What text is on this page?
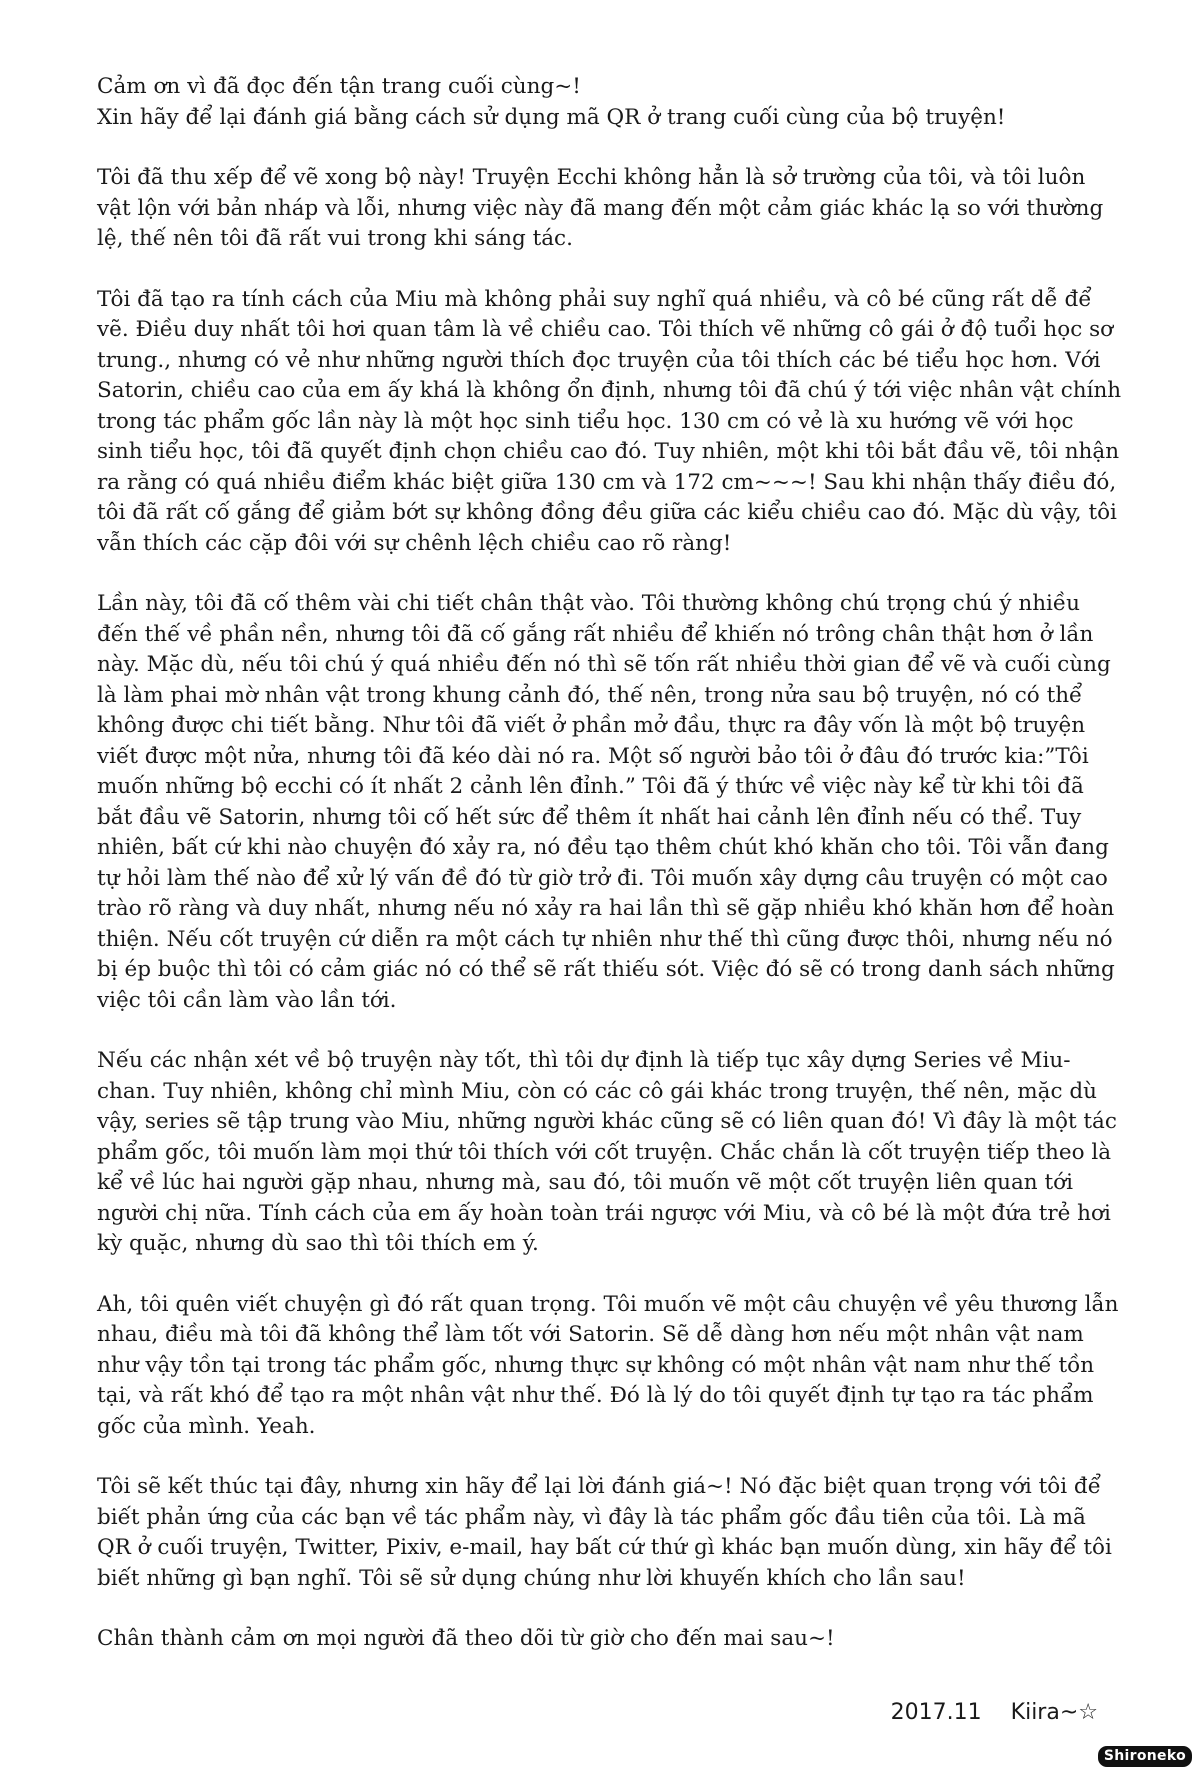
Cảm ơn vì đã đọc đến tận trang cuối cùng~!
Xin hãy để lại đánh giá bằng cách sử dụng mã QR ở trang cuối cùng của bộ truyện!

Tôi đã thu xếp để vẽ xong bộ này! Truyện Ecchi không hẳn là sở trường của tôi, và tôi luôn vật lộn với bản nháp và lỗi, nhưng việc này đã mang đến một cảm giác khác lạ so với thường lệ, thế nên tôi đã rất vui trong khi sáng tác.

Tôi đã tạo ra tính cách của Miu mà không phải suy nghĩ quá nhiều, và cô bé cũng rất dễ để vẽ. Điều duy nhất tôi hơi quan tâm là về chiều cao. Tôi thích vẽ những cô gái ở độ tuổi học sơ trung., nhưng có vẻ như những người thích đọc truyện của tôi thích các bé tiểu học hơn. Với Satorin, chiều cao của em ấy khá là không ổn định, nhưng tôi đã chú ý tới việc nhân vật chính trong tác phẩm gốc lần này là một học sinh tiểu học. 130 cm có vẻ là xu hướng vẽ với học sinh tiểu học, tôi đã quyết định chọn chiều cao đó. Tuy nhiên, một khi tôi bắt đầu vẽ, tôi nhận ra rằng có quá nhiều điểm khác biệt giữa 130 cm và 172 cm~~~! Sau khi nhận thấy điều đó, tôi đã rất cố gắng để giảm bớt sự không đồng đều giữa các kiểu chiều cao đó. Mặc dù vậy, tôi vẫn thích các cặp đôi với sự chênh lệch chiều cao rõ ràng!

Lần này, tôi đã cố thêm vài chi tiết chân thật vào. Tôi thường không chú trọng chú ý nhiều đến thế về phần nền, nhưng tôi đã cố gắng rất nhiều để khiến nó trông chân thật hơn ở lần này. Mặc dù, nếu tôi chú ý quá nhiều đến nó thì sẽ tốn rất nhiều thời gian để vẽ và cuối cùng là làm phai mờ nhân vật trong khung cảnh đó, thế nên, trong nửa sau bộ truyện, nó có thể không được chi tiết bằng. Như tôi đã viết ở phần mở đầu, thực ra đây vốn là một bộ truyện viết được một nửa, nhưng tôi đã kéo dài nó ra. Một số người bảo tôi ở đâu đó trước kia:”Tôi muốn những bộ ecchi có ít nhất 2 cảnh lên đỉnh.” Tôi đã ý thức về việc này kể từ khi tôi đã bắt đầu vẽ Satorin, nhưng tôi cố hết sức để thêm ít nhất hai cảnh lên đỉnh nếu có thể. Tuy nhiên, bất cứ khi nào chuyện đó xảy ra, nó đều tạo thêm chút khó khăn cho tôi. Tôi vẫn đang tự hỏi làm thế nào để xử lý vấn đề đó từ giờ trở đi. Tôi muốn xây dựng câu truyện có một cao trào rõ ràng và duy nhất, nhưng nếu nó xảy ra hai lần thì sẽ gặp nhiều khó khăn hơn để hoàn thiện. Nếu cốt truyện cứ diễn ra một cách tự nhiên như thế thì cũng được thôi, nhưng nếu nó bị ép buộc thì tôi có cảm giác nó có thể sẽ rất thiếu sót. Việc đó sẽ có trong danh sách những việc tôi cần làm vào lần tới.

Nếu các nhận xét về bộ truyện này tốt, thì tôi dự định là tiếp tục xây dựng Series về Miu-chan. Tuy nhiên, không chỉ mình Miu, còn có các cô gái khác trong truyện, thế nên, mặc dù vậy, series sẽ tập trung vào Miu, những người khác cũng sẽ có liên quan đó! Vì đây là một tác phẩm gốc, tôi muốn làm mọi thứ tôi thích với cốt truyện. Chắc chắn là cốt truyện tiếp theo là kể về lúc hai người gặp nhau, nhưng mà, sau đó, tôi muốn vẽ một cốt truyện liên quan tới người chị nữa. Tính cách của em ấy hoàn toàn trái ngược với Miu, và cô bé là một đứa trẻ hơi kỳ quặc, nhưng dù sao thì tôi thích em ý.

Ah, tôi quên viết chuyện gì đó rất quan trọng. Tôi muốn vẽ một câu chuyện về yêu thương lẫn nhau, điều mà tôi đã không thể làm tốt với Satorin. Sẽ dễ dàng hơn nếu một nhân vật nam như vậy tồn tại trong tác phẩm gốc, nhưng thực sự không có một nhân vật nam như thế tồn tại, và rất khó để tạo ra một nhân vật như thế. Đó là lý do tôi quyết định tự tạo ra tác phẩm gốc của mình. Yeah.

Tôi sẽ kết thúc tại đây, nhưng xin hãy để lại lời đánh giá~! Nó đặc biệt quan trọng với tôi để biết phản ứng của các bạn về tác phẩm này, vì đây là tác phẩm gốc đầu tiên của tôi. Là mã QR ở cuối truyện, Twitter, Pixiv, e-mail, hay bất cứ thứ gì khác bạn muốn dùng, xin hãy để tôi biết những gì bạn nghĩ. Tôi sẽ sử dụng chúng như lời khuyến khích cho lần sau!

Chân thành cảm ơn mọi người đã theo dõi từ giờ cho đến mai sau~!

2017.11 Kiira~☆
Shironeko
